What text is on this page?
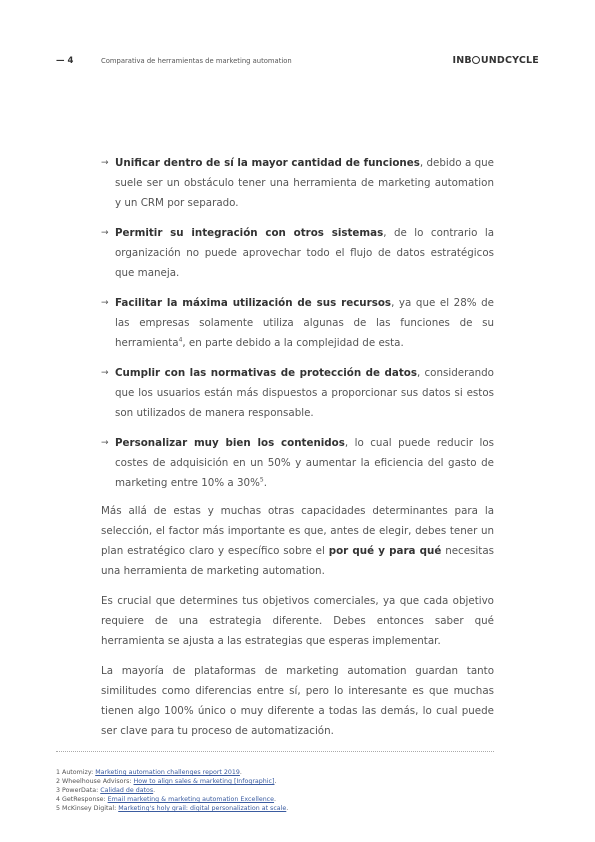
— 4	Comparativa de herramientas de marketing automation	INB UNDCYCLE
→ Unificar dentro de sí la mayor cantidad de funciones, debido a que suele ser un obstáculo tener una herramienta de marketing automation y un CRM por separado.
→ Permitir su integración con otros sistemas, de lo contrario la organización no puede aprovechar todo el flujo de datos estratégicos que maneja.
→ Facilitar la máxima utilización de sus recursos, ya que el 28% de las empresas solamente utiliza algunas de las funciones de su herramienta$^4$, en parte debido a la complejidad de esta.
→ Cumplir con las normativas de protección de datos, considerando que los usuarios están más dispuestos a proporcionar sus datos si estos son utilizados de manera responsable.
→ Personalizar muy bien los contenidos, lo cual puede reducir los costes de adquisición en un 50% y aumentar la eficiencia del gasto de marketing entre 10% a 30%$^5$.

Más allá de estas y muchas otras capacidades determinantes para la selección, el factor más importante es que, antes de elegir, debes tener un plan estratégico claro y específico sobre el por qué y para qué necesitas una herramienta de marketing automation.

Es crucial que determines tus objetivos comerciales, ya que cada objetivo requiere de una estrategia diferente. Debes entonces saber qué herramienta se ajusta a las estrategias que esperas implementar.

La mayoría de plataformas de marketing automation guardan tanto similitudes como diferencias entre sí, pero lo interesante es que muchas tienen algo 100% único o muy diferente a todas las demás, lo cual puede ser clave para tu proceso de automatización.

1 Automizy: Marketing automation challenges report 2019.
2 Wheelhouse Advisors: How to align sales & marketing [Infographic].
3 PowerData: Calidad de datos.
4 GetResponse: Email marketing & marketing automation Excellence.
5 McKinsey Digital: Marketing's holy grail: digital personalization at scale.
